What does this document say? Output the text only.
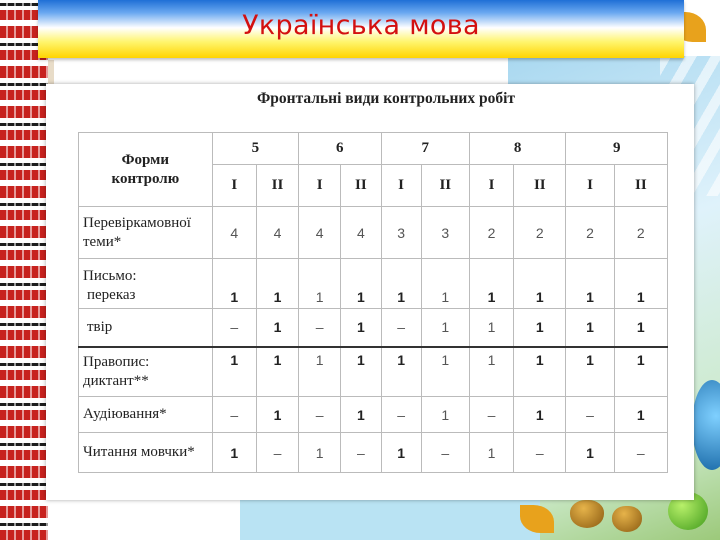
Українська мова
Фронтальні види контрольних робіт
Форми
контролю	5		6		7		8		9	
	I	II	I	II	I	II	I	II	I	II

Перевіркамовної
теми*	4	4	4	4	3	3	2	2	2	2

Письмо:
переказ	1	1	1	1	1	1	1	1	1	1

твір	–	1	–	1	–	1	1	1	1	1

Правопис:
диктант**	1	1	1	1	1	1	1	1	1	1

Аудіювання*	–	1	–	1	–	1	–	1	–	1

Читання мовчки*	1	–	1	–	1	–	1	–	1	–
